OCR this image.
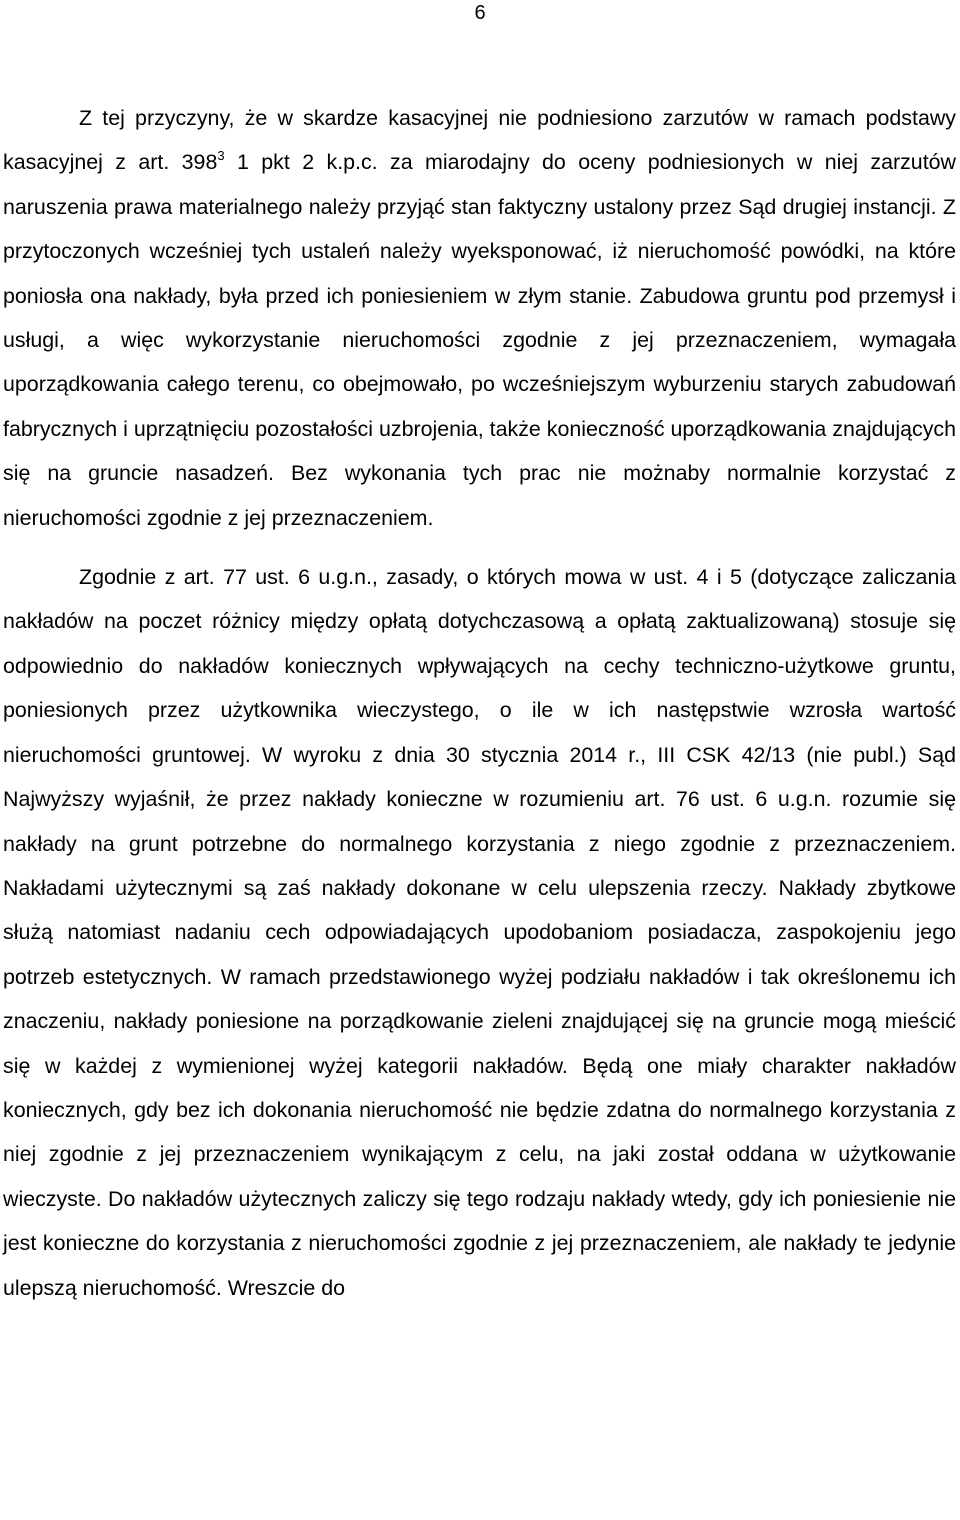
6

Z tej przyczyny, że w skardze kasacyjnej nie podniesiono zarzutów w ramach podstawy kasacyjnej z art. $398^3$ 1 pkt 2 k.p.c. za miarodajny do oceny podniesionych w niej zarzutów naruszenia prawa materialnego należy przyjąć stan faktyczny ustalony przez Sąd drugiej instancji. Z przytoczonych wcześniej tych ustaleń należy wyeksponować, iż nieruchomość powódki, na które poniosła ona nakłady, była przed ich poniesieniem w złym stanie. Zabudowa gruntu pod przemysł i usługi, a więc wykorzystanie nieruchomości zgodnie z jej przeznaczeniem, wymagała uporządkowania całego terenu, co obejmowało, po wcześniejszym wyburzeniu starych zabudowań fabrycznych i uprzątnięciu pozostałości uzbrojenia, także konieczność uporządkowania znajdujących się na gruncie nasadzeń. Bez wykonania tych prac nie możnaby normalnie korzystać z nieruchomości zgodnie z jej przeznaczeniem.

Zgodnie z art. 77 ust. 6 u.g.n., zasady, o których mowa w ust. 4 i 5 (dotyczące zaliczania nakładów na poczet różnicy między opłatą dotychczasową a opłatą zaktualizowaną) stosuje się odpowiednio do nakładów koniecznych wpływających na cechy techniczno-użytkowe gruntu, poniesionych przez użytkownika wieczystego, o ile w ich następstwie wzrosła wartość nieruchomości gruntowej. W wyroku z dnia 30 stycznia 2014 r., III CSK 42/13 (nie publ.) Sąd Najwyższy wyjaśnił, że przez nakłady konieczne w rozumieniu art. 76 ust. 6 u.g.n. rozumie się nakłady na grunt potrzebne do normalnego korzystania z niego zgodnie z przeznaczeniem. Nakładami użytecznymi są zaś nakłady dokonane w celu ulepszenia rzeczy. Nakłady zbytkowe służą natomiast nadaniu cech odpowiadających upodobaniom posiadacza, zaspokojeniu jego potrzeb estetycznych. W ramach przedstawionego wyżej podziału nakładów i tak określonemu ich znaczeniu, nakłady poniesione na porządkowanie zieleni znajdującej się na gruncie mogą mieścić się w każdej z wymienionej wyżej kategorii nakładów. Będą one miały charakter nakładów koniecznych, gdy bez ich dokonania nieruchomość nie będzie zdatna do normalnego korzystania z niej zgodnie z jej przeznaczeniem wynikającym z celu, na jaki został oddana w użytkowanie wieczyste. Do nakładów użytecznych zaliczy się tego rodzaju nakłady wtedy, gdy ich poniesienie nie jest konieczne do korzystania z nieruchomości zgodnie z jej przeznaczeniem, ale nakłady te jedynie ulepszą nieruchomość. Wreszcie do
